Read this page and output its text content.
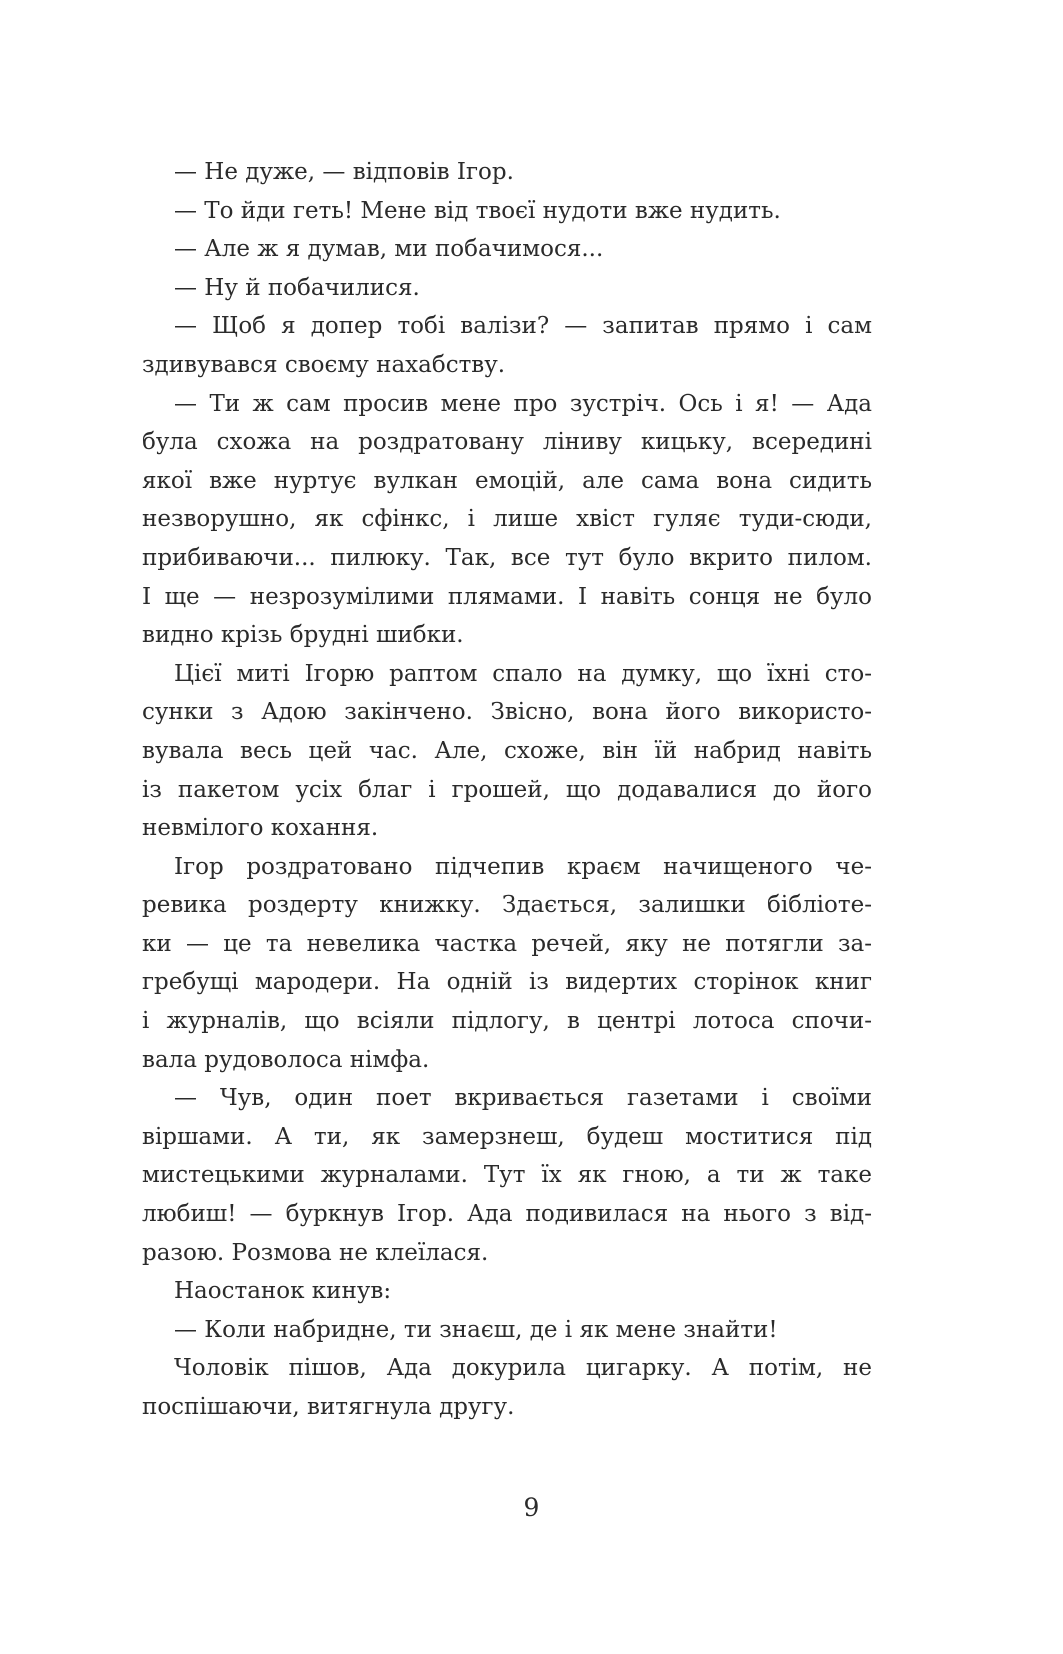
— Не дуже, — відповів Ігор.
— То йди геть! Мене від твоєї нудоти вже нудить.
— Але ж я думав, ми побачимося...
— Ну й побачилися.
— Щоб я допер тобі валізи? — запитав прямо і сам
здивувався своєму нахабству.
— Ти ж сам просив мене про зустріч. Ось і я! — Ада
була схожа на роздратовану ліниву кицьку, всередині
якої вже нуртує вулкан емоцій, але сама вона сидить
незворушно, як сфінкс, і лише хвіст гуляє туди-сюди,
прибиваючи... пилюку. Так, все тут було вкрито пилом.
І ще — незрозумілими плямами. І навіть сонця не було
видно крізь брудні шибки.
Цієї миті Ігорю раптом спало на думку, що їхні сто-
сунки з Адою закінчено. Звісно, вона його використо-
вувала весь цей час. Але, схоже, він їй набрид навіть
із пакетом усіх благ і грошей, що додавалися до його
невмілого кохання.
Ігор роздратовано підчепив краєм начищеного че-
ревика роздерту книжку. Здається, залишки бібліоте-
ки — це та невелика частка речей, яку не потягли за-
гребущі мародери. На одній із видертих сторінок книг
і журналів, що всіяли підлогу, в центрі лотоса спочи-
вала рудоволоса німфа.
— Чув, один поет вкривається газетами і своїми
віршами. А ти, як замерзнеш, будеш моститися під
мистецькими журналами. Тут їх як гною, а ти ж таке
любиш! — буркнув Ігор. Ада подивилася на нього з від-
разою. Розмова не клеїлася.
Наостанок кинув:
— Коли набридне, ти знаєш, де і як мене знайти!
Чоловік пішов, Ада докурила цигарку. А потім, не
поспішаючи, витягнула другу.
9
